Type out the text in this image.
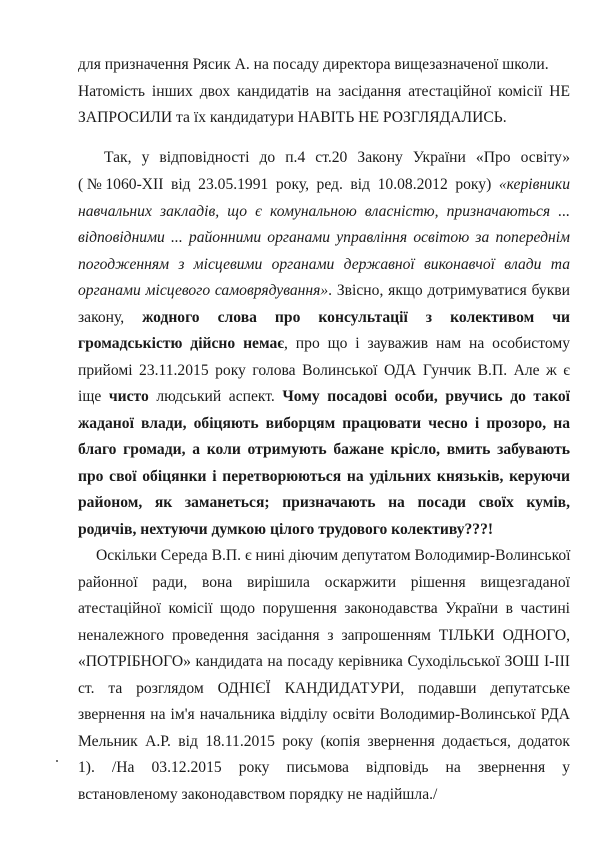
для призначення Рясик А. на посаду директора вищезазначеної школи.
Натомість інших двох кандидатів на засідання атестаційної комісії НЕ
ЗАПРОСИЛИ та їх кандидатури НАВІТЬ НЕ РОЗГЛЯДАЛИСЬ.
Так, у відповідності до п.4 ст.20 Закону України «Про освіту»
(№1060-ХІІ від 23.05.1991 року, ред. від 10.08.2012 року) «керівники
навчальних закладів, що є комунальною власністю, призначаються ...
відповідними ... районними органами управління освітою за попереднім
погодженням з місцевими органами державної виконавчої влади та
органами місцевого самоврядування». Звісно, якщо дотримуватися букви
закону, жодного слова про консультації з колективом чи
громадськістю дійсно немає, про що і зауважив нам на особистому
прийомі 23.11.2015 року голова Волинської ОДА Гунчик В.П. Але ж є
іще чисто людський аспект. Чому посадові особи, рвучись до такої
жаданої влади, обіцяють виборцям працювати чесно і прозоро, на
благо громади, а коли отримують бажане крісло, вмить забувають
про свої обіцянки і перетворюються на удільних князьків, керуючи
районом, як заманеться; призначають на посади своїх кумів,
родичів, нехтуючи думкою цілого трудового колективу???!
Оскільки Середа В.П. є нині діючим депутатом Володимир-Волинської
районної ради, вона вирішила оскаржити рішення вищезгаданої
атестаційної комісії щодо порушення законодавства України в частині
неналежного проведення засідання з запрошенням ТІЛЬКИ ОДНОГО,
«ПОТРІБНОГО» кандидата на посаду керівника Суходільської ЗОШ І-ІІІ
ст. та розглядом ОДНІЄЇ КАНДИДАТУРИ, подавши депутатське
звернення на ім'я начальника відділу освіти Володимир-Волинської РДА
Мельник А.Р. від 18.11.2015 року (копія звернення додається, додаток
1). /На 03.12.2015 року письмова відповідь на звернення у
встановленому законодавством порядку не надійшла./
